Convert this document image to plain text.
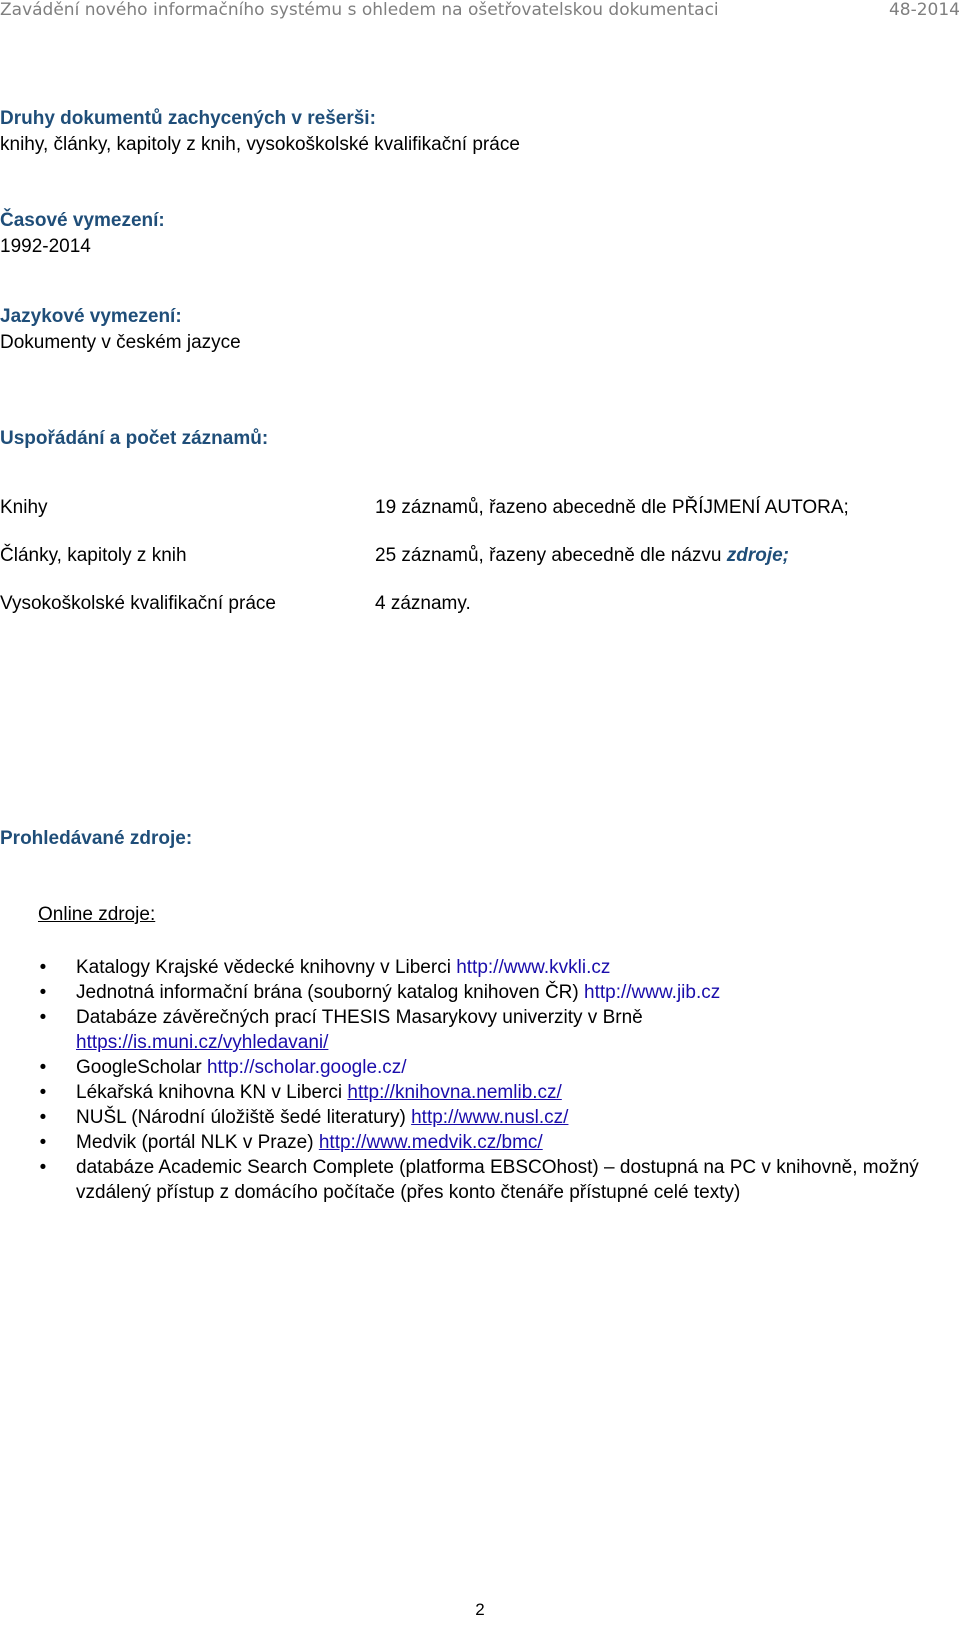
Zavádění nového informačního systému s ohledem na ošetřovatelskou dokumentaci	48-2014
Druhy dokumentů zachycených v rešerši:
knihy, články, kapitoly z knih, vysokoškolské kvalifikační práce
Časové vymezení:
1992-2014
Jazykové vymezení:
Dokumenty v českém jazyce
Uspořádání a počet záznamů:
Knihy	19 záznamů, řazeno abecedně dle PŘÍJMENÍ AUTORA;
Články, kapitoly z knih	25 záznamů, řazeny abecedně dle názvu zdroje;
Vysokoškolské kvalifikační práce	4 záznamy.
Prohledávané zdroje:
Online zdroje:
• Katalogy Krajské vědecké knihovny v Liberci http://www.kvkli.cz
• Jednotná informační brána (souborný katalog knihoven ČR) http://www.jib.cz
• Databáze závěrečných prací THESIS Masarykovy univerzity v Brně
https://is.muni.cz/vyhledavani/
• GoogleScholar http://scholar.google.cz/
• Lékařská knihovna KN v Liberci http://knihovna.nemlib.cz/
• NUŠL (Národní úložiště šedé literatury) http://www.nusl.cz/
• Medvik (portál NLK v Praze) http://www.medvik.cz/bmc/
• databáze Academic Search Complete (platforma EBSCOhost) – dostupná na PC v knihovně, možný vzdálený přístup z domácího počítače (přes konto čtenáře přístupné celé texty)
2
